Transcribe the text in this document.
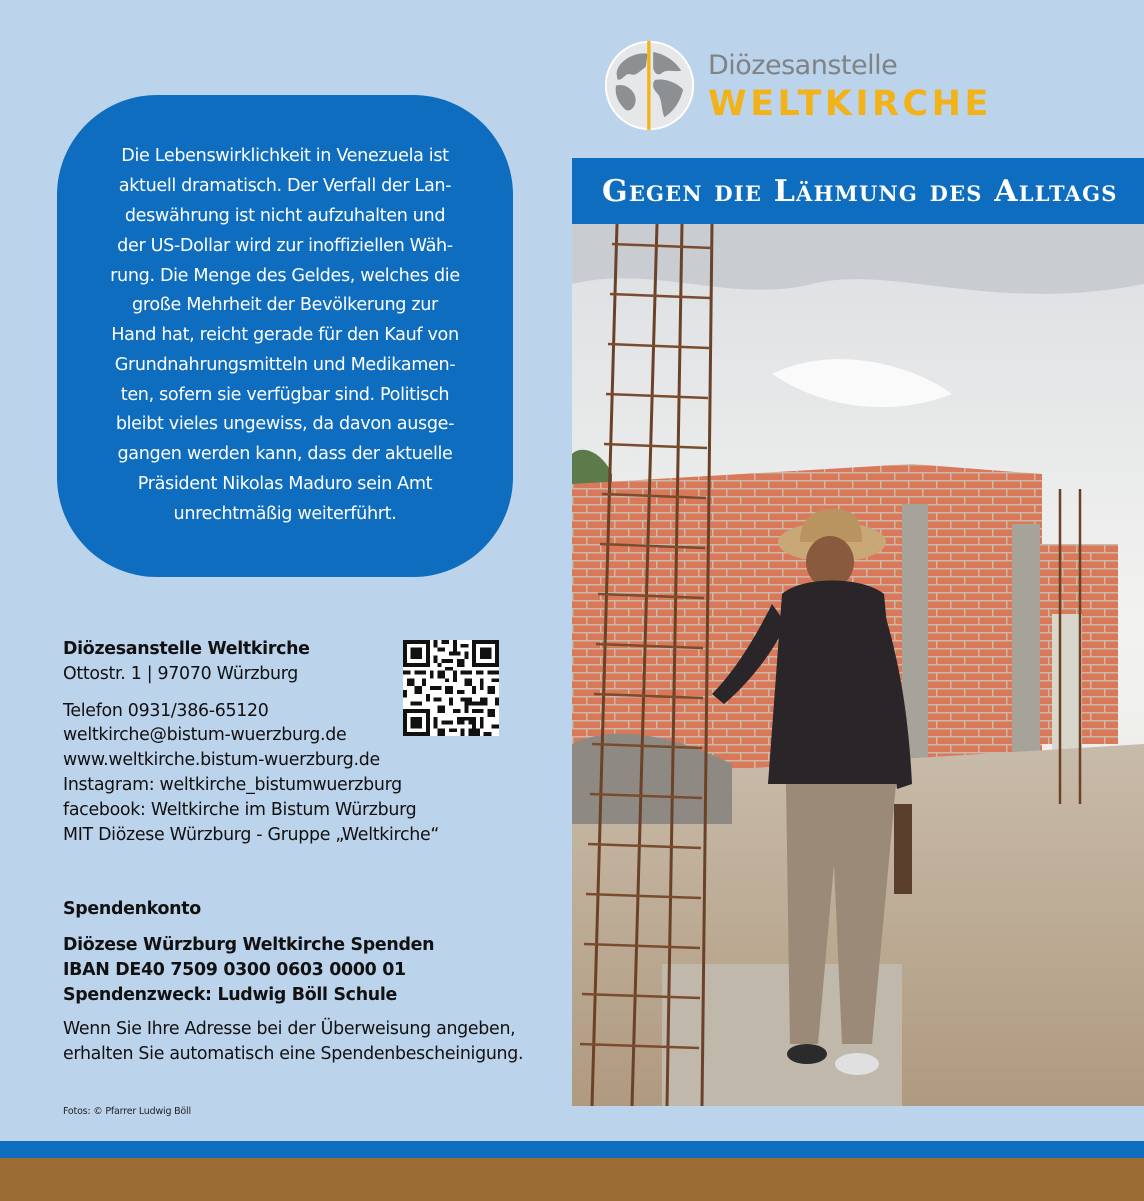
Die Lebenswirklichkeit in Venezuela ist
aktuell dramatisch. Der Verfall der Lan-
deswährung ist nicht aufzuhalten und
der US-Dollar wird zur inoffiziellen Wäh-
rung. Die Menge des Geldes, welches die
große Mehrheit der Bevölkerung zur
Hand hat, reicht gerade für den Kauf von
Grundnahrungsmitteln und Medikamen-
ten, sofern sie verfügbar sind. Politisch
bleibt vieles ungewiss, da davon ausge-
gangen werden kann, dass der aktuelle
Präsident Nikolas Maduro sein Amt
unrechtmäßig weiterführt.

Diözesanstelle Weltkirche
Ottostr. 1 | 97070 Würzburg
Telefon 0931/386-65120
weltkirche@bistum-wuerzburg.de
www.weltkirche.bistum-wuerzburg.de
Instagram: weltkirche_bistumwuerzburg
facebook: Weltkirche im Bistum Würzburg
MIT Diözese Würzburg - Gruppe „Weltkirche“
Spendenkonto
Diözese Würzburg Weltkirche Spenden
IBAN DE40 7509 0300 0603 0000 01
Spendenzweck: Ludwig Böll Schule
Wenn Sie Ihre Adresse bei der Überweisung angeben,
erhalten Sie automatisch eine Spendenbescheinigung.
Fotos: © Pfarrer Ludwig Böll
Diözesanstelle
WELTKIRCHE
Gegen die Lähmung des Alltags
